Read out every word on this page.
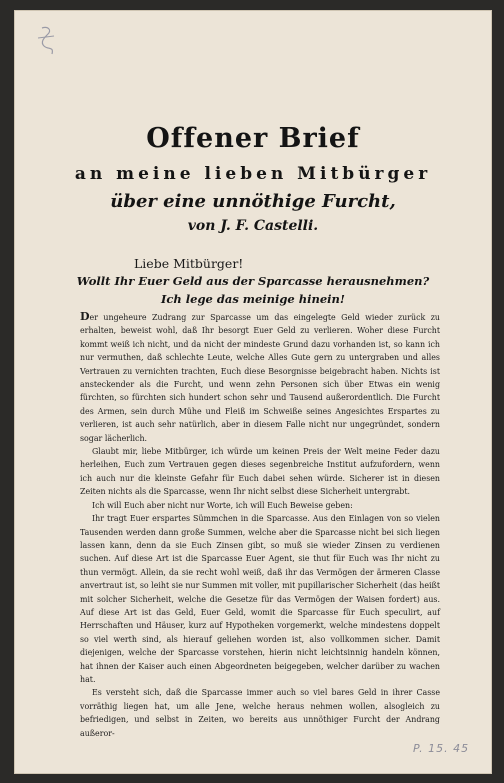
Offener Brief
an meine lieben Mitbürger
über eine unnöthige Furcht,
von J. F. Castelli.
Liebe Mitbürger!
Wollt Ihr Euer Geld aus der Sparcasse herausnehmen?
Ich lege das meinige hinein!

Der ungeheure Zudrang zur Sparcasse um das eingelegte Geld wieder zurück zu erhalten, beweist wohl, daß Ihr besorgt Euer Geld zu verlieren. Woher diese Furcht kommt weiß ich nicht, und da nicht der mindeste Grund dazu vorhanden ist, so kann ich nur vermuthen, daß schlechte Leute, welche Alles Gute gern zu untergraben und alles Vertrauen zu vernichten trachten, Euch diese Besorgnisse beigebracht haben. Nichts ist ansteckender als die Furcht, und wenn zehn Personen sich über Etwas ein wenig fürchten, so fürchten sich hundert schon sehr und Tausend außerordentlich. Die Furcht des Armen, sein durch Mühe und Fleiß im Schweiße seines Angesichtes Erspartes zu verlieren, ist auch sehr natürlich, aber in diesem Falle nicht nur ungegründet, sondern sogar lächerlich.

Glaubt mir, liebe Mitbürger, ich würde um keinen Preis der Welt meine Feder dazu herleihen, Euch zum Vertrauen gegen dieses segenbreiche Institut aufzufordern, wenn ich auch nur die kleinste Gefahr für Euch dabei sehen würde. Sicherer ist in diesen Zeiten nichts als die Sparcasse, wenn Ihr nicht selbst diese Sicherheit untergrabt.

Ich will Euch aber nicht nur Worte, ich will Euch Beweise geben:

Ihr tragt Euer erspartes Sümmchen in die Sparcasse. Aus den Einlagen von so vielen Tausenden werden dann große Summen, welche aber die Sparcasse nicht bei sich liegen lassen kann, denn da sie Euch Zinsen gibt, so muß sie wieder Zinsen zu verdienen suchen. Auf diese Art ist die Sparcasse Euer Agent, sie thut für Euch was Ihr nicht zu thun vermögt. Allein, da sie recht wohl weiß, daß ihr das Vermögen der ärmeren Classe anvertraut ist, so leiht sie nur Summen mit voller, mit pupillarischer Sicherheit (das heißt mit solcher Sicherheit, welche die Gesetze für das Vermögen der Waisen fordert) aus. Auf diese Art ist das Geld, Euer Geld, womit die Sparcasse für Euch speculirt, auf Herrschaften und Häuser, kurz auf Hypotheken vorgemerkt, welche mindestens doppelt so viel werth sind, als hierauf geliehen worden ist, also vollkommen sicher. Damit diejenigen, welche der Sparcasse vorstehen, hierin nicht leichtsinnig handeln können, hat ihnen der Kaiser auch einen Abgeordneten beigegeben, welcher darüber zu wachen hat.

Es versteht sich, daß die Sparcasse immer auch so viel bares Geld in ihrer Casse vorräthig liegen hat, um alle Jene, welche heraus nehmen wollen, alsogleich zu befriedigen, und selbst in Zeiten, wo bereits aus unnöthiger Furcht der Andrang außeror-

P. 15. 45
